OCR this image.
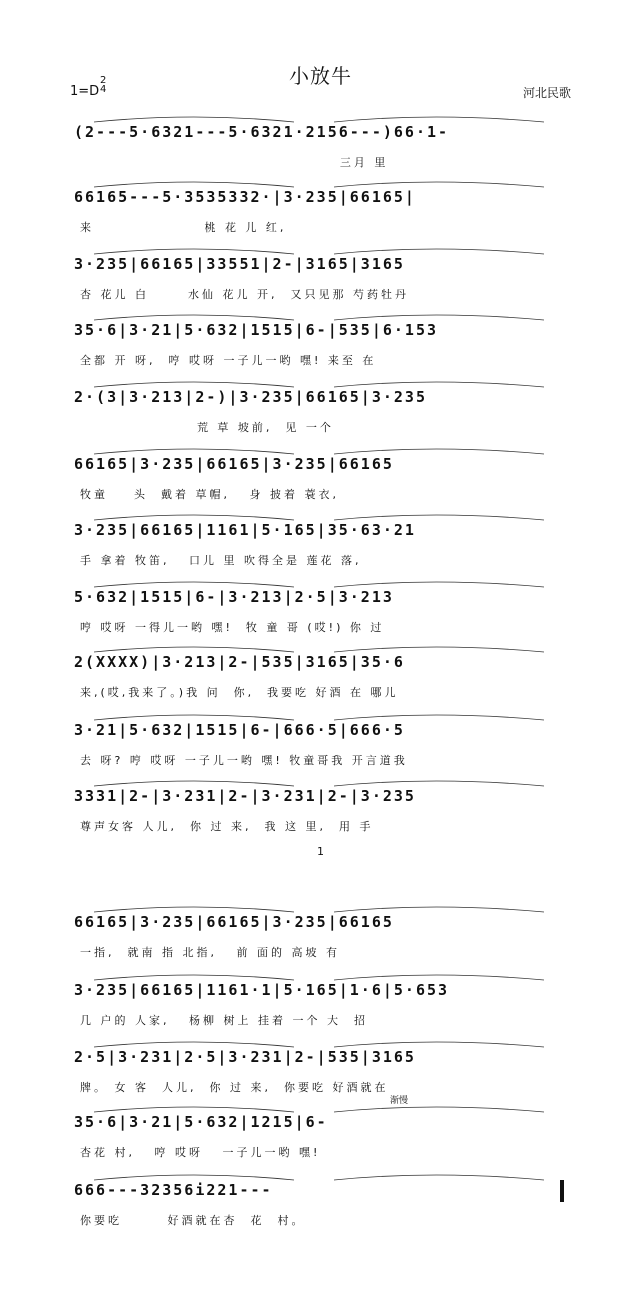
小放牛
1=D
2
4	河北民歌
(2---5·6321---5·6321·2156---)66·1-
三月 里
66165---5·3535332·|3·235|66165|
来                 桃 花 儿 红,
3·235|66165|33551|2-|3165|3165
杏 花儿 白      水仙 花儿 开,  又只见那 芍药牡丹
35·6|3·21|5·632|1515|6-|535|6·153
全都 开 呀,  哼 哎呀 一子儿一哟 嘿! 来至 在
2·(3|3·213|2-)|3·235|66165|3·235
荒 草 坡前,  见 一个
66165|3·235|66165|3·235|66165
牧童    头  戴着 草帽,   身 披着 蓑衣,
3·235|66165|1161|5·165|35·63·21
手 拿着 牧笛,   口儿 里 吹得全是 莲花 落,
5·632|1515|6-|3·213|2·5|3·213
哼 哎呀 一得儿一哟 嘿!  牧 童 哥 (哎!) 你 过
2(XXXX)|3·213|2-|535|3165|35·6
来,(哎,我来了。)我 问  你,  我要吃 好酒 在 哪儿
3·21|5·632|1515|6-|666·5|666·5
去 呀? 哼 哎呀 一子儿一哟 嘿! 牧童哥我 开言道我
3331|2-|3·231|2-|3·231|2-|3·235
尊声女客 人儿,  你 过 来,  我 这 里,  用 手
66165|3·235|66165|3·235|66165
一指,  就南 指 北指,   前 面的 高坡 有
3·235|66165|1161·1|5·165|1·6|5·653
几 户的 人家,   杨柳 树上 挂着 一个 大  招
2·5|3·231|2·5|3·231|2-|535|3165
牌。 女 客  人儿,  你 过 来,  你要吃 好酒就在
35·6|3·21|5·632|1215|6-
杏花 村,   哼 哎呀   一子儿一哟 嘿!
666---32356i221---
你要吃       好酒就在杏  花  村。
1
渐慢
